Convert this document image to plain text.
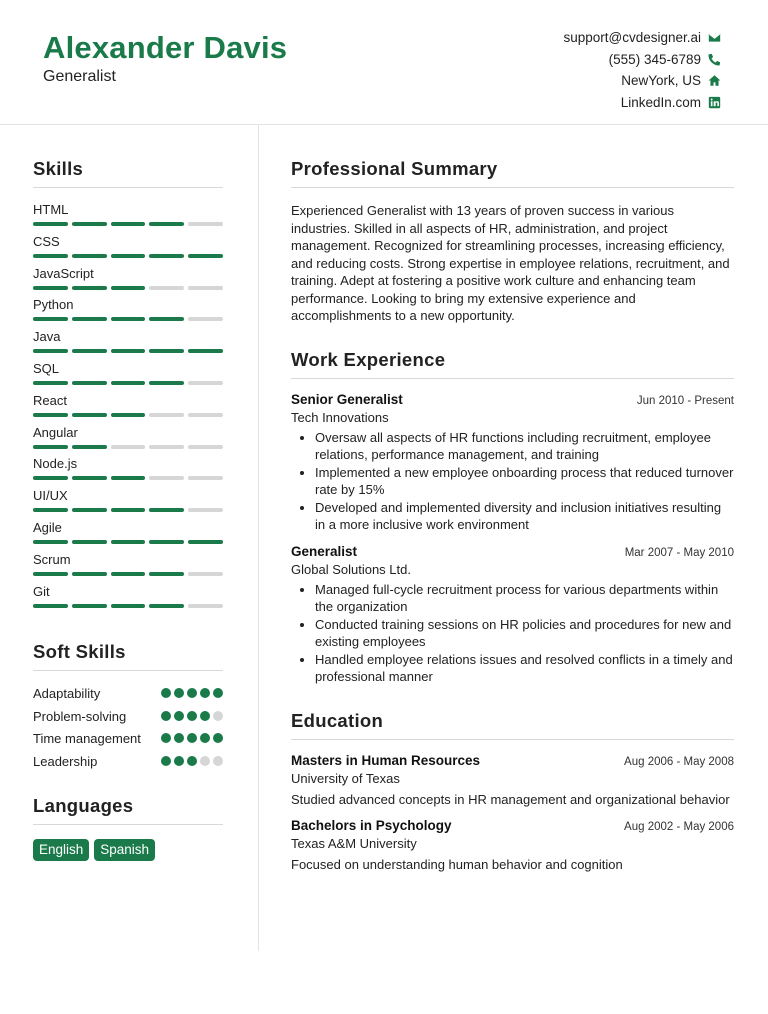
Alexander Davis
Generalist
support@cvdesigner.ai
(555) 345-6789
NewYork, US
LinkedIn.com
Skills
HTML
CSS
JavaScript
Python
Java
SQL
React
Angular
Node.js
UI/UX
Agile
Scrum
Git
Soft Skills
Adaptability
Problem-solving
Time management
Leadership
Languages
English	Spanish
Professional Summary

Experienced Generalist with 13 years of proven success in various industries. Skilled in all aspects of HR, administration, and project management. Recognized for streamlining processes, increasing efficiency, and reducing costs. Strong expertise in employee relations, recruitment, and training. Adept at fostering a positive work culture and enhancing team performance. Looking to bring my extensive experience and accomplishments to a new opportunity.

Work Experience
Senior Generalist	Jun 2010 - Present
Tech Innovations
• Oversaw all aspects of HR functions including recruitment, employee relations, performance management, and training
• Implemented a new employee onboarding process that reduced turnover rate by 15%
• Developed and implemented diversity and inclusion initiatives resulting in a more inclusive work environment
Generalist	Mar 2007 - May 2010
Global Solutions Ltd.
• Managed full-cycle recruitment process for various departments within the organization
• Conducted training sessions on HR policies and procedures for new and existing employees
• Handled employee relations issues and resolved conflicts in a timely and professional manner
Education
Masters in Human Resources	Aug 2006 - May 2008
University of Texas
Studied advanced concepts in HR management and organizational behavior
Bachelors in Psychology	Aug 2002 - May 2006
Texas A&M University
Focused on understanding human behavior and cognition
